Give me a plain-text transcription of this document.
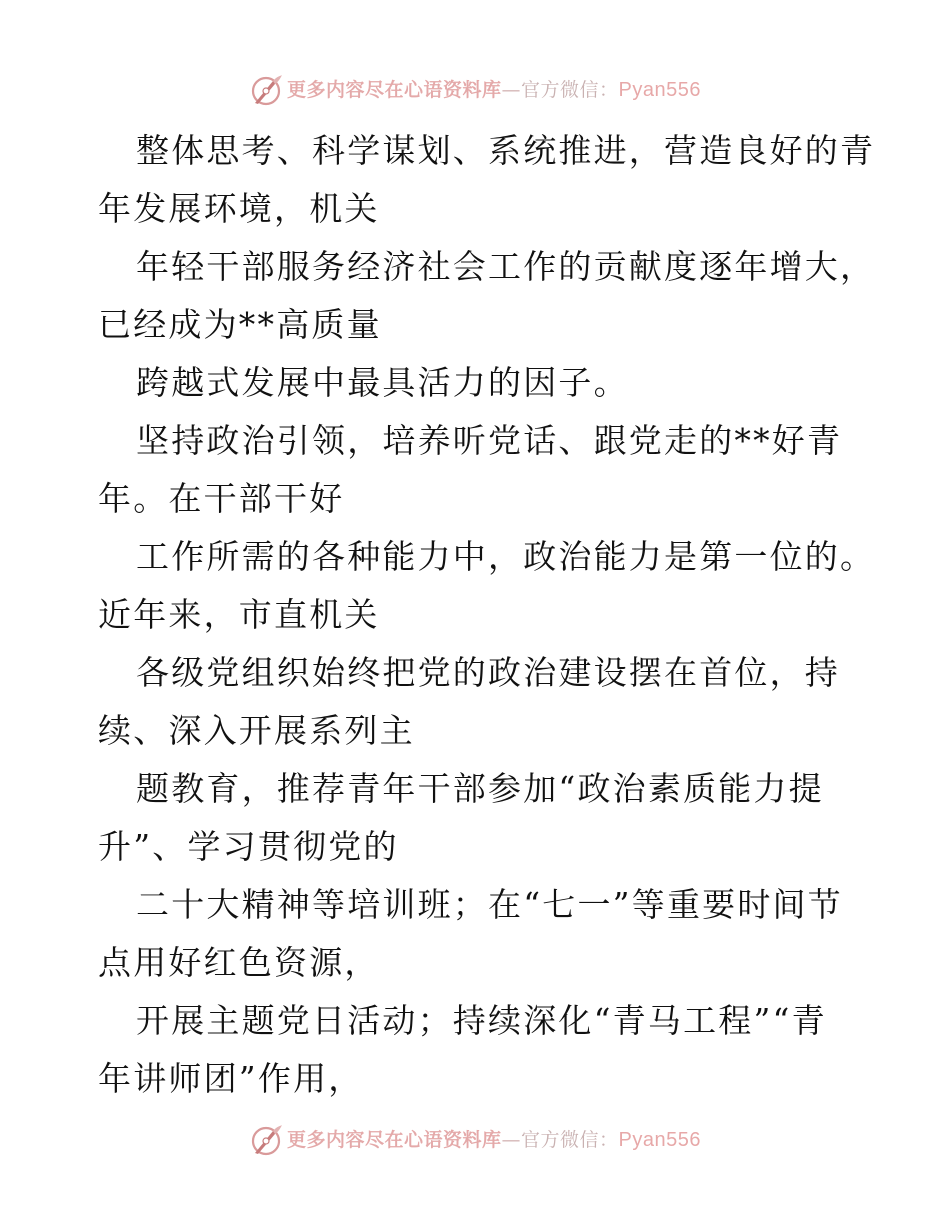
更多内容尽在心语资料库—官方微信：Pyan556
整体思考、科学谋划、系统推进，营造良好的青
年发展环境，机关
年轻干部服务经济社会工作的贡献度逐年增大，
已经成为**高质量
跨越式发展中最具活力的因子。
坚持政治引领，培养听党话、跟党走的**好青
年。在干部干好
工作所需的各种能力中，政治能力是第一位的。
近年来，市直机关
各级党组织始终把党的政治建设摆在首位，持
续、深入开展系列主
题教育，推荐青年干部参加“政治素质能力提
升”、学习贯彻党的
二十大精神等培训班；在“七一”等重要时间节
点用好红色资源，
开展主题党日活动；持续深化“青马工程”“青
年讲师团”作用，
更多内容尽在心语资料库—官方微信：Pyan556
